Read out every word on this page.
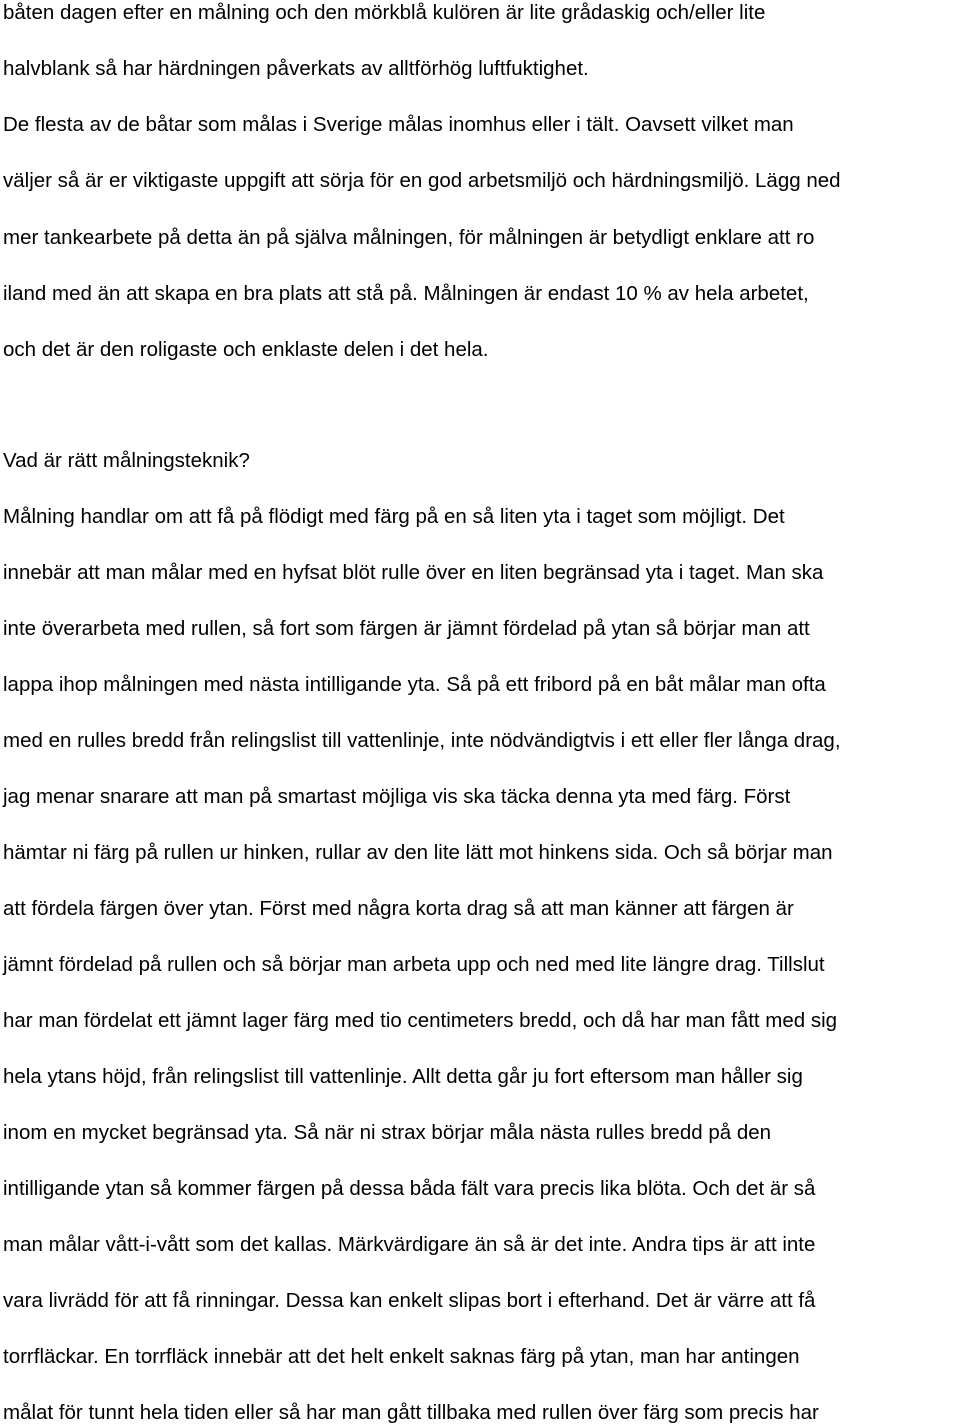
båten dagen efter en målning och den mörkblå kulören är lite grådaskig och/eller lite
halvblank så har härdningen påverkats av alltförhög luftfuktighet.
De flesta av de båtar som målas i Sverige målas inomhus eller i tält. Oavsett vilket man
väljer så är er viktigaste uppgift att sörja för en god arbetsmiljö och härdningsmiljö. Lägg ned
mer tankearbete på detta än på själva målningen, för målningen är betydligt enklare att ro
iland med än att skapa en bra plats att stå på. Målningen är endast 10 % av hela arbetet,
och det är den roligaste och enklaste delen i det hela.
Vad är rätt målningsteknik?
Målning handlar om att få på flödigt med färg på en så liten yta i taget som möjligt. Det
innebär att man målar med en hyfsat blöt rulle över en liten begränsad yta i taget. Man ska
inte överarbeta med rullen, så fort som färgen är jämnt fördelad på ytan så börjar man att
lappa ihop målningen med nästa intilligande yta. Så på ett fribord på en båt målar man ofta
med en rulles bredd från relingslist till vattenlinje, inte nödvändigtvis i ett eller fler långa drag,
jag menar snarare att man på smartast möjliga vis ska täcka denna yta med färg. Först
hämtar ni färg på rullen ur hinken, rullar av den lite lätt mot hinkens sida. Och så börjar man
att fördela färgen över ytan. Först med några korta drag så att man känner att färgen är
jämnt fördelad på rullen och så börjar man arbeta upp och ned med lite längre drag. Tillslut
har man fördelat ett jämnt lager färg med tio centimeters bredd, och då har man fått med sig
hela ytans höjd, från relingslist till vattenlinje. Allt detta går ju fort eftersom man håller sig
inom en mycket begränsad yta. Så när ni strax börjar måla nästa rulles bredd på den
intilligande ytan så kommer färgen på dessa båda fält vara precis lika blöta. Och det är så
man målar vått-i-vått som det kallas. Märkvärdigare än så är det inte. Andra tips är att inte
vara livrädd för att få rinningar. Dessa kan enkelt slipas bort i efterhand. Det är värre att få
torrfläckar. En torrfläck innebär att det helt enkelt saknas färg på ytan, man har antingen
målat för tunnt hela tiden eller så har man gått tillbaka med rullen över färg som precis har
